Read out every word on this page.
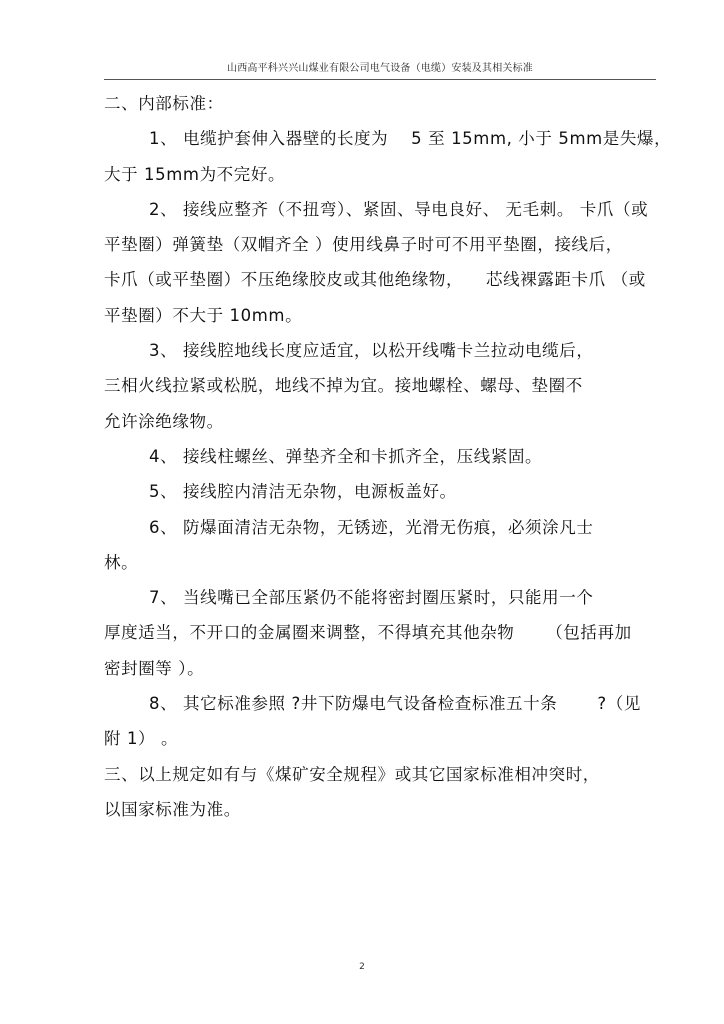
山西高平科兴兴山煤业有限公司电气设备（电缆）安装及其相关标准
二、内部标准：
1、 电缆护套伸入器壁的长度为 　5 至 15mm, 小于 5mm是失爆，
大于 15mm为不完好。
2、 接线应整齐（不扭弯）、紧固、导电良好、 无毛刺。 卡爪（或
平垫圈）弹簧垫（双帽齐全 ）使用线鼻子时可不用平垫圈，接线后，
卡爪（或平垫圈）不压绝缘胶皮或其他绝缘物， 　芯线裸露距卡爪 （或
平垫圈）不大于 10mm。
3、 接线腔地线长度应适宜，以松开线嘴卡兰拉动电缆后，
三相火线拉紧或松脱，地线不掉为宜。接地螺栓、螺母、垫圈不
允许涂绝缘物。
4、 接线柱螺丝、弹垫齐全和卡抓齐全，压线紧固。
5、 接线腔内清洁无杂物，电源板盖好。
6、 防爆面清洁无杂物，无锈迹，光滑无伤痕，必须涂凡士
林。
7、 当线嘴已全部压紧仍不能将密封圈压紧时，只能用一个
厚度适当，不开口的金属圈来调整，不得填充其他杂物 　　（包括再加
密封圈等 ）。
8、 其它标准参照 ?井下防爆电气设备检查标准五十条 　　?（见
附 1） 。
三、以上规定如有与《煤矿安全规程》或其它国家标准相冲突时，
以国家标准为准。
2
